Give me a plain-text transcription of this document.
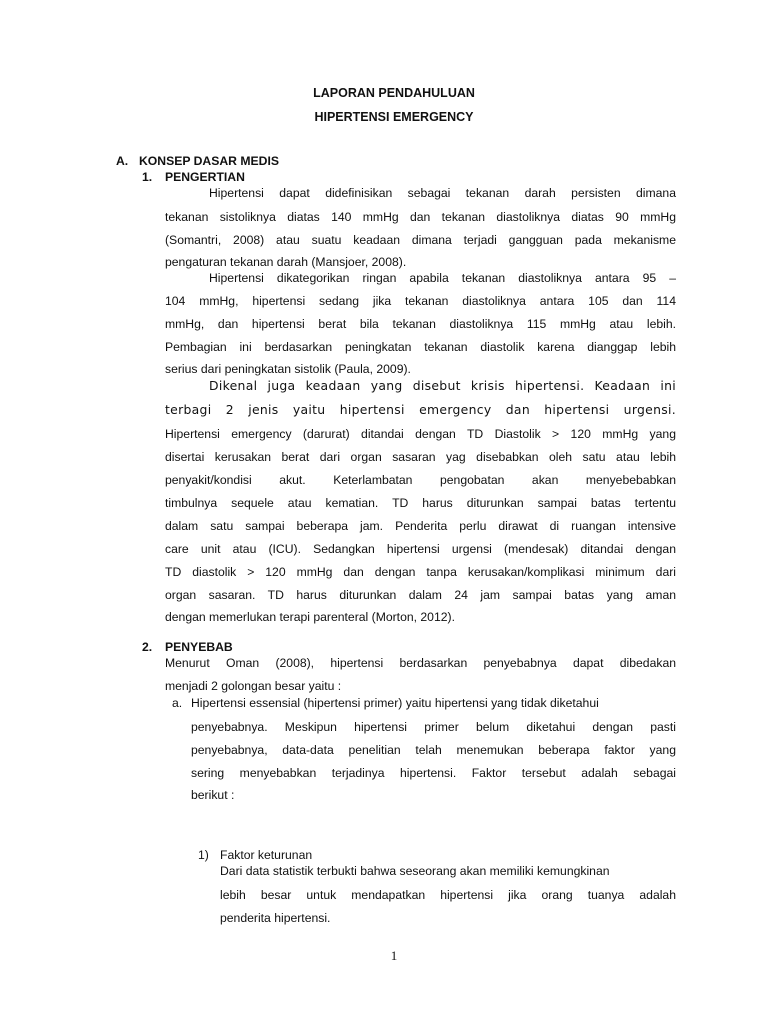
LAPORAN PENDAHULUAN
HIPERTENSI EMERGENCY
A. KONSEP DASAR MEDIS
1. PENGERTIAN
Hipertensi dapat didefinisikan sebagai tekanan darah persisten dimana
tekanan sistoliknya diatas 140 mmHg dan tekanan diastoliknya diatas 90 mmHg
(Somantri, 2008) atau suatu keadaan dimana terjadi gangguan pada mekanisme
pengaturan tekanan darah (Mansjoer, 2008).
Hipertensi dikategorikan ringan apabila tekanan diastoliknya antara 95 –
104 mmHg, hipertensi sedang jika tekanan diastoliknya antara 105 dan 114
mmHg, dan hipertensi berat bila tekanan diastoliknya 115 mmHg atau lebih.
Pembagian ini berdasarkan peningkatan tekanan diastolik karena dianggap lebih
serius dari peningkatan sistolik (Paula, 2009).
Dikenal juga keadaan yang disebut krisis hipertensi. Keadaan ini
terbagi 2 jenis yaitu hipertensi emergency dan hipertensi urgensi.
Hipertensi emergency (darurat) ditandai dengan TD Diastolik > 120 mmHg yang
disertai kerusakan berat dari organ sasaran yag disebabkan oleh satu atau lebih
penyakit/kondisi akut. Keterlambatan pengobatan akan menyebebabkan
timbulnya sequele atau kematian. TD harus diturunkan sampai batas tertentu
dalam satu sampai beberapa jam. Penderita perlu dirawat di ruangan intensive
care unit atau (ICU). Sedangkan hipertensi urgensi (mendesak) ditandai dengan
TD diastolik > 120 mmHg dan dengan tanpa kerusakan/komplikasi minimum dari
organ sasaran. TD harus diturunkan dalam 24 jam sampai batas yang aman
dengan memerlukan terapi parenteral (Morton, 2012).
2. PENYEBAB
Menurut Oman (2008), hipertensi berdasarkan penyebabnya dapat dibedakan
menjadi 2 golongan besar yaitu :
a. Hipertensi essensial (hipertensi primer) yaitu hipertensi yang tidak diketahui
penyebabnya. Meskipun hipertensi primer belum diketahui dengan pasti
penyebabnya, data-data penelitian telah menemukan beberapa faktor yang
sering menyebabkan terjadinya hipertensi. Faktor tersebut adalah sebagai
berikut :
1) Faktor keturunan
Dari data statistik terbukti bahwa seseorang akan memiliki kemungkinan
lebih besar untuk mendapatkan hipertensi jika orang tuanya adalah
penderita hipertensi.
1
